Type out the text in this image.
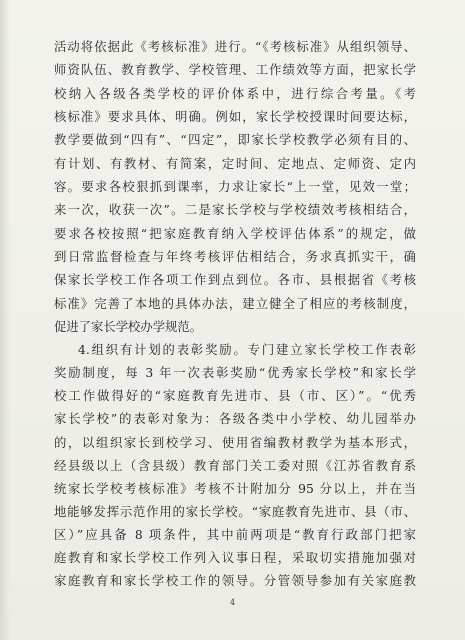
活动将依据此《考核标准》进行。“《考核标准》从组织领导、
师资队伍、教育教学、学校管理、工作绩效等方面，把家长学
校纳入各级各类学校的评价体系中，进行综合考量。《考
核标准》要求具体、明确。例如，家长学校授课时间要达标，
教学要做到“四有”、“四定”，即家长学校教学必须有目的、
有计划、有教材、有简案，定时间、定地点、定师资、定内
容。要求各校狠抓到课率，力求让家长“上一堂，见效一堂；
来一次，收获一次”。二是家长学校与学校绩效考核相结合，
要求各校按照“把家庭教育纳入学校评估体系”的规定，做
到日常监督检查与年终考核评估相结合，务求真抓实干，确
保家长学校工作各项工作到点到位。各市、县根据省《考核
标准》完善了本地的具体办法，建立健全了相应的考核制度，
促进了家长学校办学规范。
4.组织有计划的表彰奖励。专门建立家长学校工作表彰
奖励制度，每 3 年一次表彰奖励“优秀家长学校”和家长学
校工作做得好的“家庭教育先进市、县（市、区）”。“优秀
家长学校”的表彰对象为：各级各类中小学校、幼儿园举办
的，以组织家长到校学习、使用省编教材教学为基本形式，
经县级以上（含县级）教育部门关工委对照《江苏省教育系
统家长学校考核标准》考核不计附加分 95 分以上，并在当
地能够发挥示范作用的家长学校。“家庭教育先进市、县（市、
区）”应具备 8 项条件，其中前两项是“教育行政部门把家
庭教育和家长学校工作列入议事日程，采取切实措施加强对
家庭教育和家长学校工作的领导。分管领导参加有关家庭教
4
